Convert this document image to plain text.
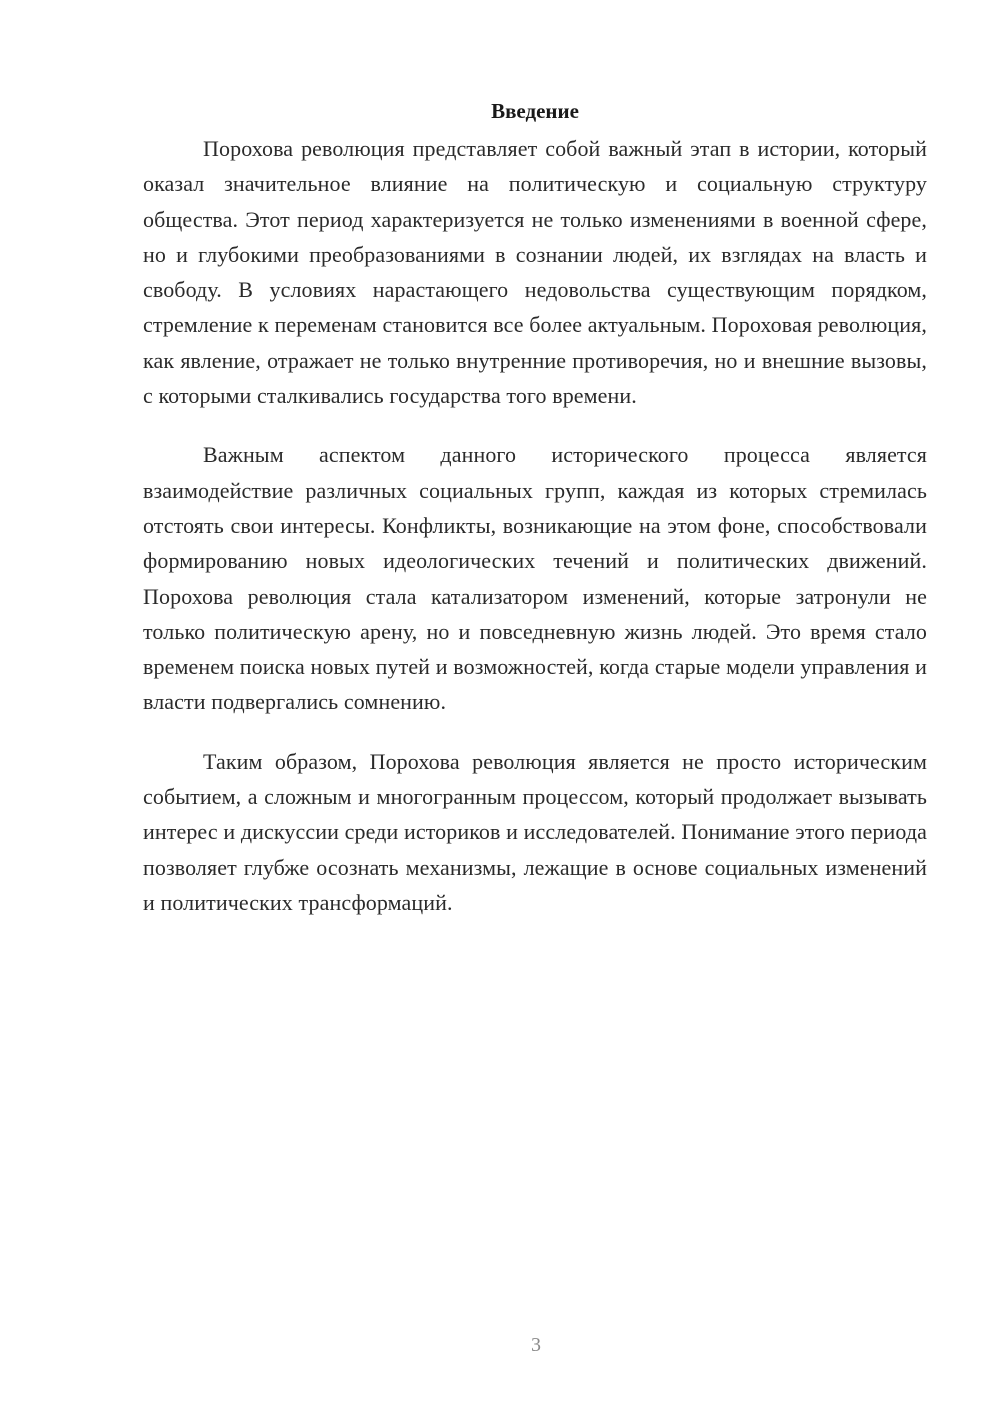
Введение

Порохова революция представляет собой важный этап в истории, который оказал значительное влияние на политическую и социальную структуру общества. Этот период характеризуется не только изменениями в военной сфере, но и глубокими преобразованиями в сознании людей, их взглядах на власть и свободу. В условиях нарастающего недовольства существующим порядком, стремление к переменам становится все более актуальным. Пороховая революция, как явление, отражает не только внутренние противоречия, но и внешние вызовы, с которыми сталкивались государства того времени.

Важным аспектом данного исторического процесса является взаимодействие различных социальных групп, каждая из которых стремилась отстоять свои интересы. Конфликты, возникающие на этом фоне, способствовали формированию новых идеологических течений и политических движений. Порохова революция стала катализатором изменений, которые затронули не только политическую арену, но и повседневную жизнь людей. Это время стало временем поиска новых путей и возможностей, когда старые модели управления и власти подвергались сомнению.

Таким образом, Порохова революция является не просто историческим событием, а сложным и многогранным процессом, который продолжает вызывать интерес и дискуссии среди историков и исследователей. Понимание этого периода позволяет глубже осознать механизмы, лежащие в основе социальных изменений и политических трансформаций.

3
